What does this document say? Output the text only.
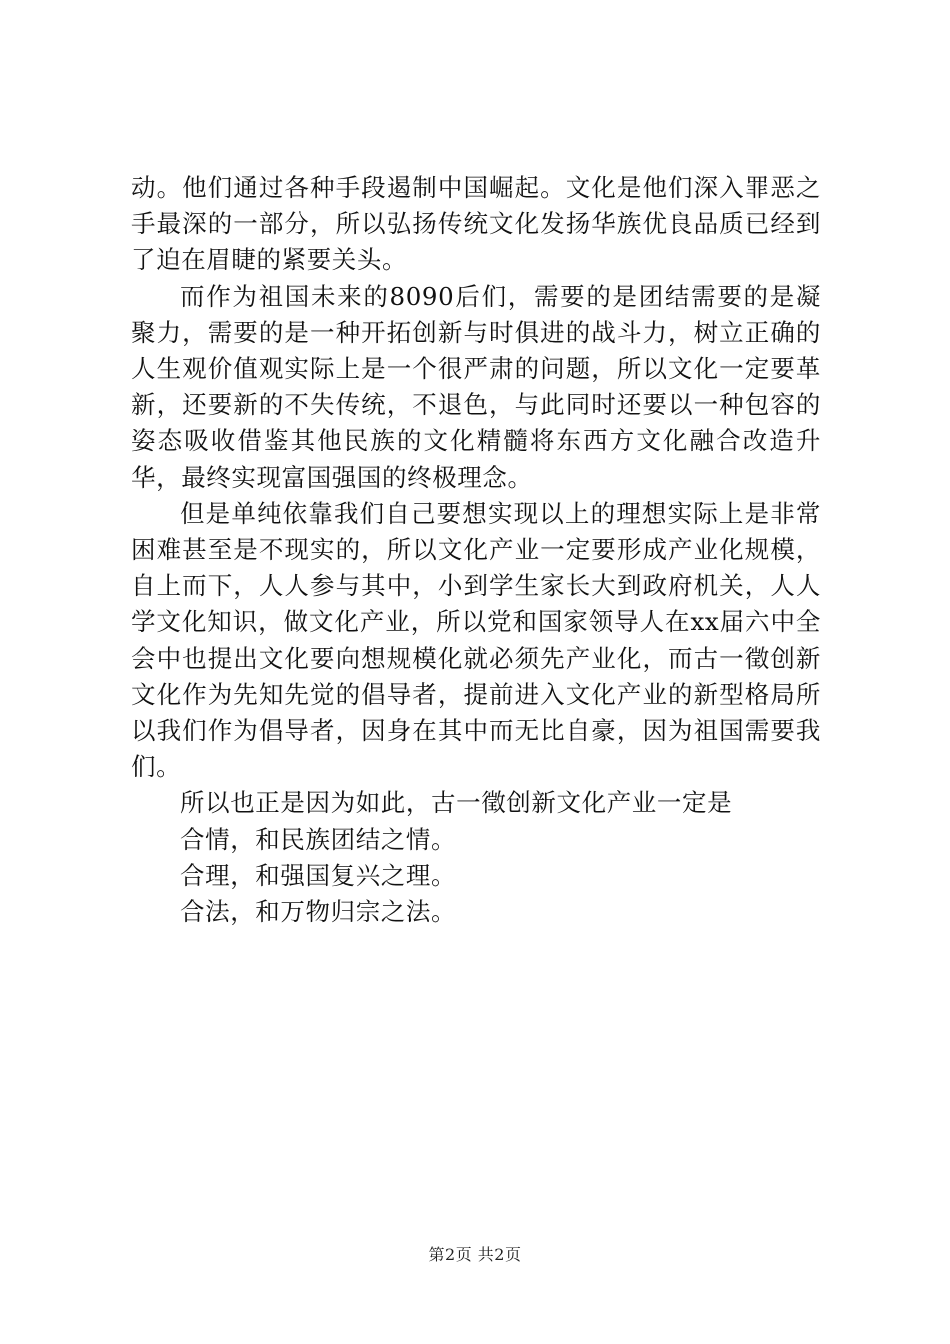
动。他们通过各种手段遏制中国崛起。文化是他们深入罪恶之手最深的一部分，所以弘扬传统文化发扬华族优良品质已经到了迫在眉睫的紧要关头。

而作为祖国未来的8090后们，需要的是团结需要的是凝聚力，需要的是一种开拓创新与时俱进的战斗力，树立正确的人生观价值观实际上是一个很严肃的问题，所以文化一定要革新，还要新的不失传统，不退色，与此同时还要以一种包容的姿态吸收借鉴其他民族的文化精髓将东西方文化融合改造升华，最终实现富国强国的终极理念。

但是单纯依靠我们自己要想实现以上的理想实际上是非常困难甚至是不现实的，所以文化产业一定要形成产业化规模，自上而下，人人参与其中，小到学生家长大到政府机关，人人学文化知识，做文化产业，所以党和国家领导人在xx届六中全会中也提出文化要向想规模化就必须先产业化，而古一徵创新文化作为先知先觉的倡导者，提前进入文化产业的新型格局所以我们作为倡导者，因身在其中而无比自豪，因为祖国需要我们。

所以也正是因为如此，古一徵创新文化产业一定是

合情，和民族团结之情。

合理，和强国复兴之理。

合法，和万物归宗之法。

第2页 共2页
